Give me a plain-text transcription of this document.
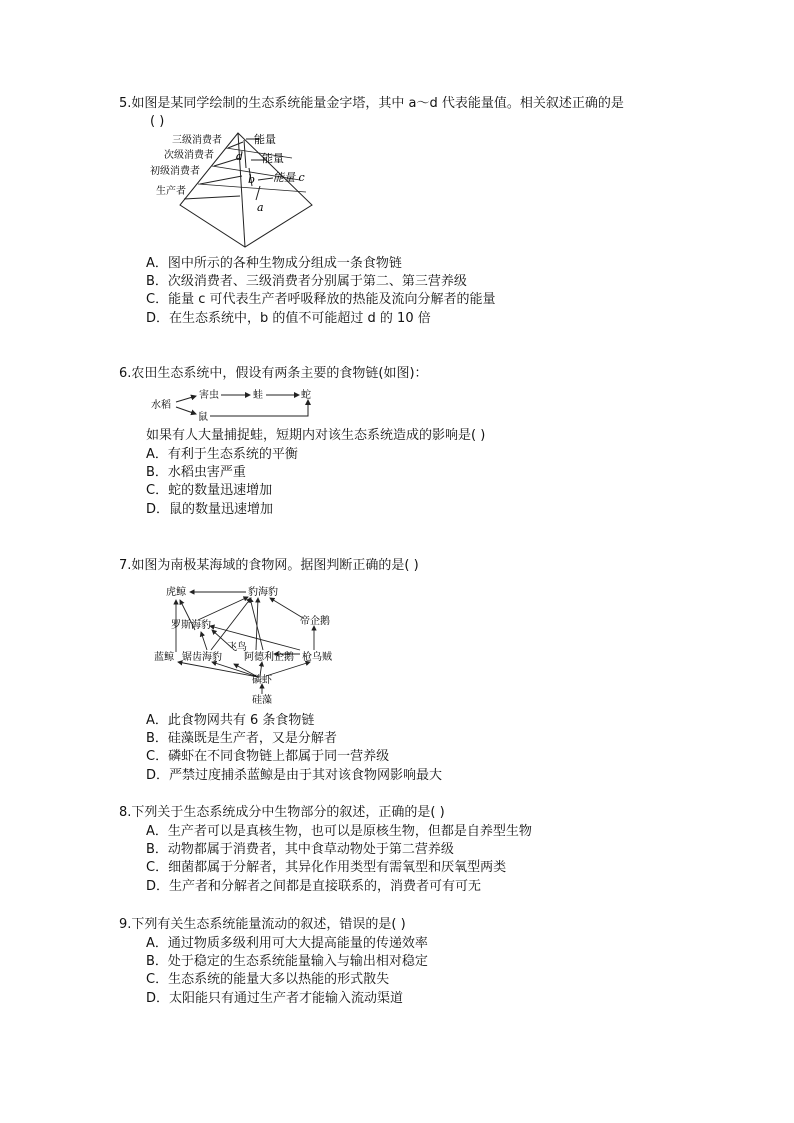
5.如图是某同学绘制的生态系统能量金字塔，其中 a～d 代表能量值。相关叙述正确的是
( )
三级消费者
次级消费者
初级消费者
生产者
能量
能量
能量 c
d
b
a
A．图中所示的各种生物成分组成一条食物链
B．次级消费者、三级消费者分别属于第二、第三营养级
C．能量 c 可代表生产者呼吸释放的热能及流向分解者的能量
D．在生态系统中，b 的值不可能超过 d 的 10 倍
6.农田生态系统中，假设有两条主要的食物链(如图)：
水稻
害虫	蛙	蛇
鼠
如果有人大量捕捉蛙，短期内对该生态系统造成的影响是( )
A．有利于生态系统的平衡
B．水稻虫害严重
C．蛇的数量迅速增加
D．鼠的数量迅速增加
7.如图为南极某海域的食物网。据图判断正确的是( )
虎鲸	豹海豹
罗斯海豹	帝企鹅
蓝鲸 锯齿海豹
飞鸟
阿德利企鹅 枪乌贼
磷虾
硅藻
A．此食物网共有 6 条食物链
B．硅藻既是生产者，又是分解者
C．磷虾在不同食物链上都属于同一营养级
D．严禁过度捕杀蓝鲸是由于其对该食物网影响最大
8.下列关于生态系统成分中生物部分的叙述，正确的是( )
A．生产者可以是真核生物，也可以是原核生物，但都是自养型生物
B．动物都属于消费者，其中食草动物处于第二营养级
C．细菌都属于分解者，其异化作用类型有需氧型和厌氧型两类
D．生产者和分解者之间都是直接联系的，消费者可有可无
9.下列有关生态系统能量流动的叙述，错误的是( )
A．通过物质多级利用可大大提高能量的传递效率
B．处于稳定的生态系统能量输入与输出相对稳定
C．生态系统的能量大多以热能的形式散失
D．太阳能只有通过生产者才能输入流动渠道
